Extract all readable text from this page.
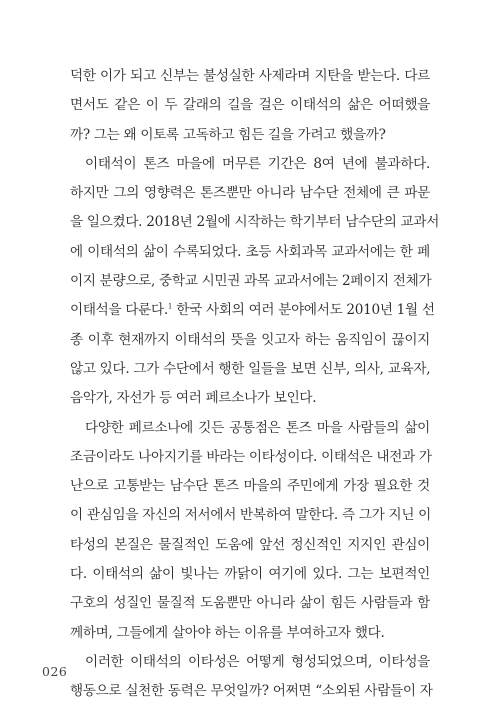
덕한 이가 되고 신부는 불성실한 사제라며 지탄을 받는다. 다르
면서도 같은 이 두 갈래의 길을 걸은 이태석의 삶은 어떠했을
까? 그는 왜 이토록 고독하고 힘든 길을 가려고 했을까?
이태석이 톤즈 마을에 머무른 기간은 8여 년에 불과하다.
하지만 그의 영향력은 톤즈뿐만 아니라 남수단 전체에 큰 파문
을 일으켰다. 2018년 2월에 시작하는 학기부터 남수단의 교과서
에 이태석의 삶이 수록되었다. 초등 사회과목 교과서에는 한 페
이지 분량으로, 중학교 시민권 과목 교과서에는 2페이지 전체가
이태석을 다룬다.$^1$ 한국 사회의 여러 분야에서도 2010년 1월 선
종 이후 현재까지 이태석의 뜻을 잇고자 하는 움직임이 끊이지
않고 있다. 그가 수단에서 행한 일들을 보면 신부, 의사, 교육자,
음악가, 자선가 등 여러 페르소나가 보인다.
다양한 페르소나에 깃든 공통점은 톤즈 마을 사람들의 삶이
조금이라도 나아지기를 바라는 이타성이다. 이태석은 내전과 가
난으로 고통받는 남수단 톤즈 마을의 주민에게 가장 필요한 것
이 관심임을 자신의 저서에서 반복하여 말한다. 즉 그가 지닌 이
타성의 본질은 물질적인 도움에 앞선 정신적인 지지인 관심이
다. 이태석의 삶이 빛나는 까닭이 여기에 있다. 그는 보편적인
구호의 성질인 물질적 도움뿐만 아니라 삶이 힘든 사람들과 함
께하며, 그들에게 살아야 하는 이유를 부여하고자 했다.
이러한 이태석의 이타성은 어떻게 형성되었으며, 이타성을
행동으로 실천한 동력은 무엇일까? 어쩌면 “소외된 사람들이 자
026
